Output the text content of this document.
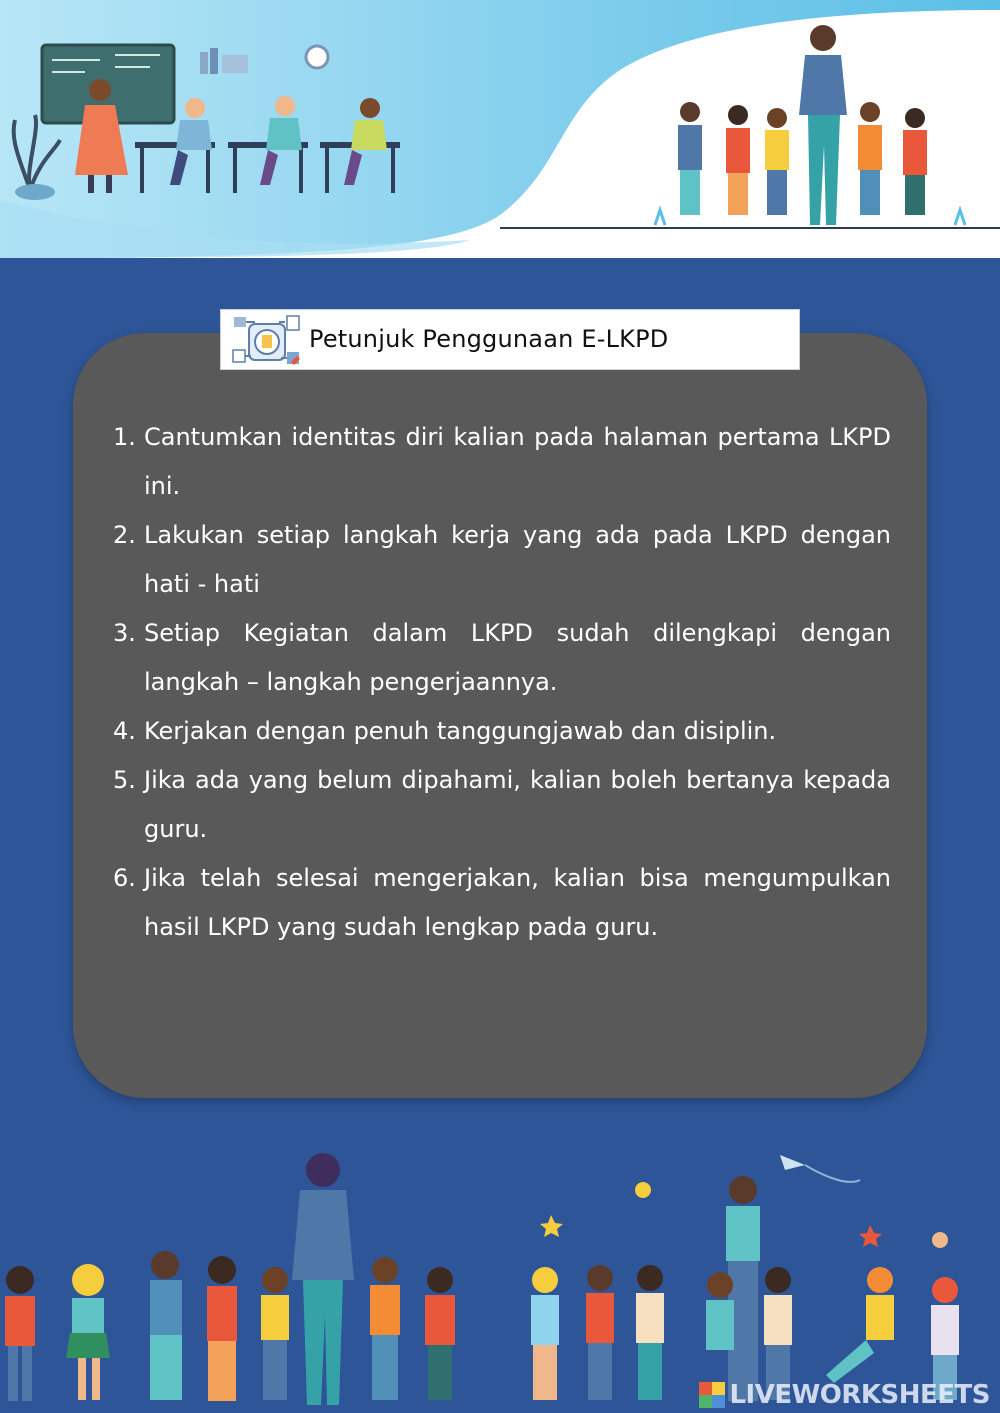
Petunjuk Penggunaan E-LKPD
1. Cantumkan identitas diri kalian pada halaman pertama LKPD ini.
2. Lakukan setiap langkah kerja yang ada pada LKPD dengan hati - hati
3. Setiap Kegiatan dalam LKPD sudah dilengkapi dengan langkah – langkah pengerjaannya.
4. Kerjakan dengan penuh tanggungjawab dan disiplin.
5. Jika ada yang belum dipahami, kalian boleh bertanya kepada guru.
6. Jika telah selesai mengerjakan, kalian bisa mengumpulkan hasil LKPD yang sudah lengkap pada guru.
LIVEWORKSHEETS
